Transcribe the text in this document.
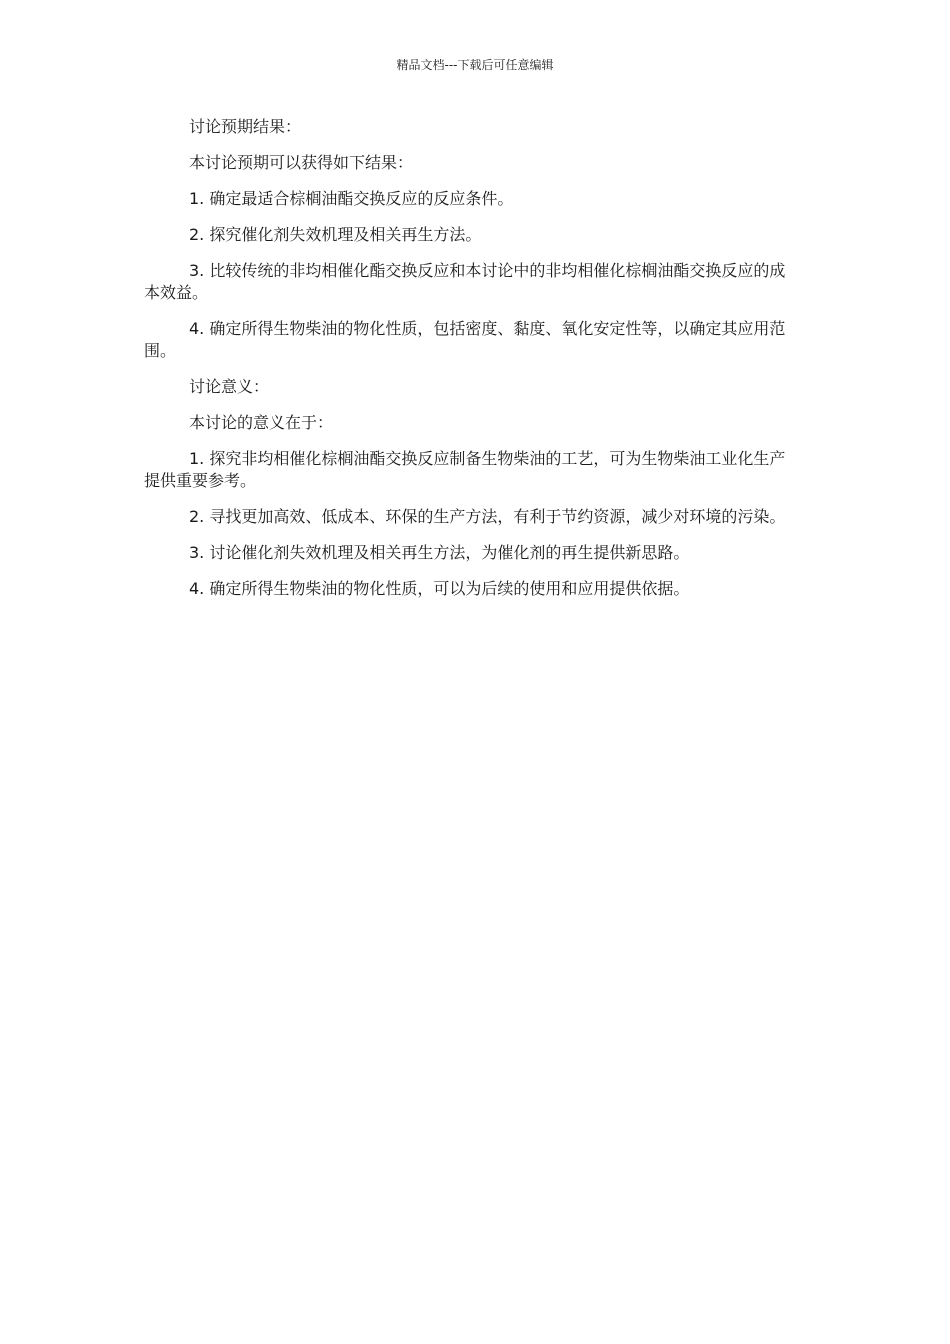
精品文档---下载后可任意编辑

讨论预期结果：

本讨论预期可以获得如下结果：

1. 确定最适合棕榈油酯交换反应的反应条件。

2. 探究催化剂失效机理及相关再生方法。

3. 比较传统的非均相催化酯交换反应和本讨论中的非均相催化棕榈油酯交换反应的成本效益。

4. 确定所得生物柴油的物化性质，包括密度、黏度、氧化安定性等，以确定其应用范围。

讨论意义：

本讨论的意义在于：

1. 探究非均相催化棕榈油酯交换反应制备生物柴油的工艺，可为生物柴油工业化生产提供重要参考。

2. 寻找更加高效、低成本、环保的生产方法，有利于节约资源，减少对环境的污染。

3. 讨论催化剂失效机理及相关再生方法，为催化剂的再生提供新思路。

4. 确定所得生物柴油的物化性质，可以为后续的使用和应用提供依据。
